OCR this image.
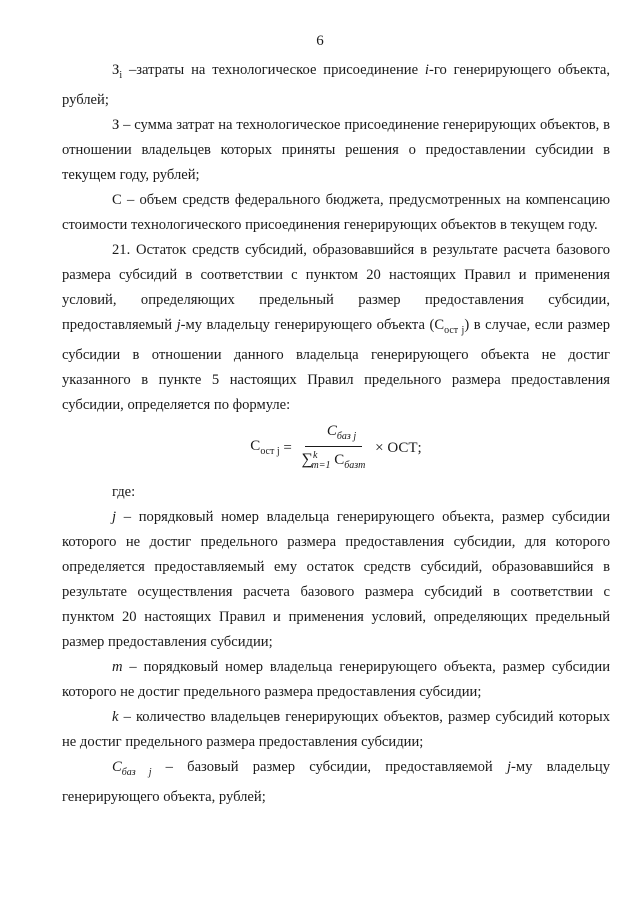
6

$З_i$ –затраты на технологическое присоединение i-го генерирующего объекта, рублей;

З – сумма затрат на технологическое присоединение генерирующих объектов, в отношении владельцев которых приняты решения о предоставлении субсидии в текущем году, рублей;

С – объем средств федерального бюджета, предусмотренных на компенсацию стоимости технологического присоединения генерирующих объектов в текущем году.

21. Остаток средств субсидий, образовавшийся в результате расчета базового размера субсидий в соответствии с пунктом 20 настоящих Правил и применения условий, определяющих предельный размер предоставления субсидии, предоставляемый j-му владельцу генерирующего объекта $(С_{ост j})$ в случае, если размер субсидии в отношении данного владельца генерирующего объекта не достиг указанного в пункте 5 настоящих Правил предельного размера предоставления субсидии, определяется по формуле:

$С_{ост j} = \frac{С_{баз j}}{\sum^k_{m=1} С_{базm}}$ × ОСТ;

где:

j – порядковый номер владельца генерирующего объекта, размер субсидии которого не достиг предельного размера предоставления субсидии, для которого определяется предоставляемый ему остаток средств субсидий, образовавшийся в результате осуществления расчета базового размера субсидий в соответствии с пунктом 20 настоящих Правил и применения условий, определяющих предельный размер предоставления субсидии;

m – порядковый номер владельца генерирующего объекта, размер субсидии которого не достиг предельного размера предоставления субсидии;

k – количество владельцев генерирующих объектов, размер субсидий которых не достиг предельного размера предоставления субсидии;

$С_{баз j}$ – базовый размер субсидии, предоставляемой j-му владельцу генерирующего объекта, рублей;
